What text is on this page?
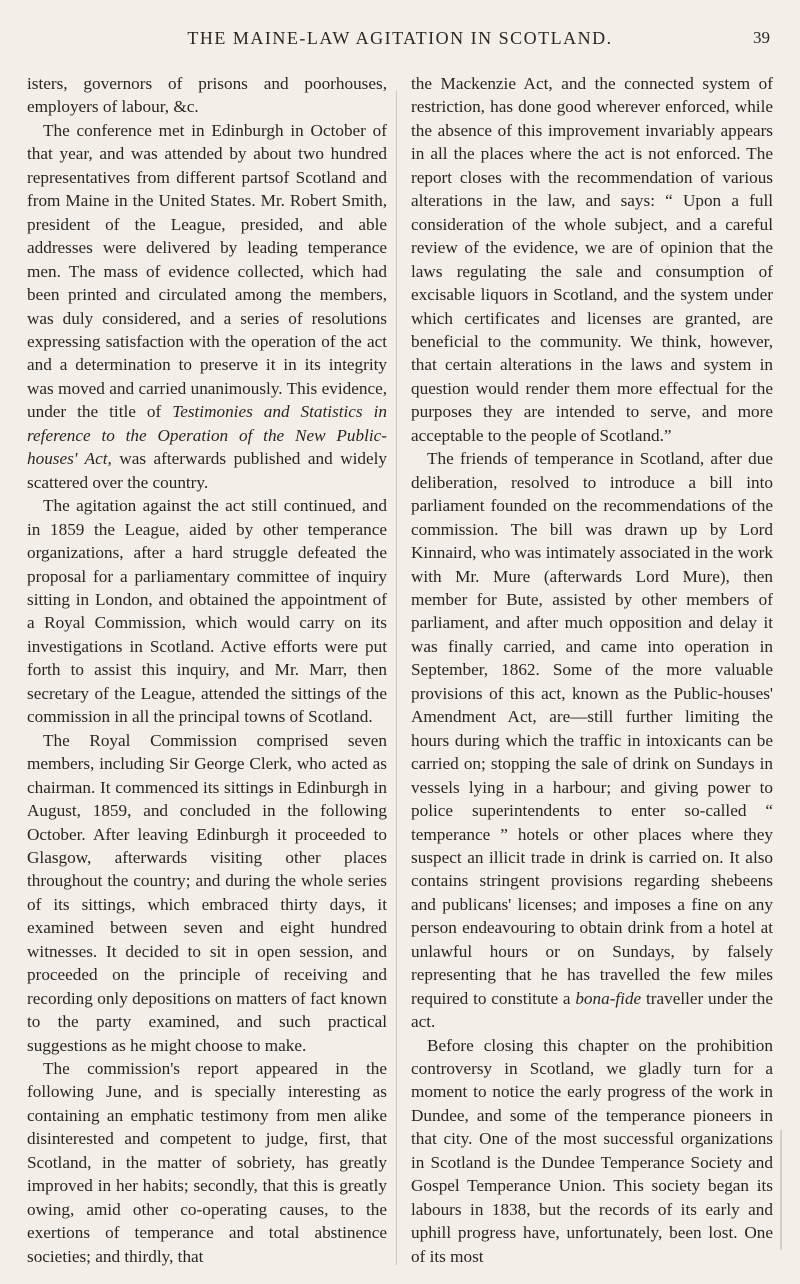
THE MAINE-LAW AGITATION IN SCOTLAND.	39

isters, governors of prisons and poorhouses, employers of labour, &c.

The conference met in Edinburgh in October of that year, and was attended by about two hundred representatives from different partsof Scotland and from Maine in the United States. Mr. Robert Smith, president of the League, presided, and able addresses were delivered by leading temperance men. The mass of evidence collected, which had been printed and circulated among the members, was duly considered, and a series of resolutions expressing satisfaction with the operation of the act and a determination to preserve it in its integrity was moved and carried unanimously. This evidence, under the title of Testimonies and Statistics in reference to the Operation of the New Public-houses' Act, was afterwards published and widely scattered over the country.

The agitation against the act still continued, and in 1859 the League, aided by other temperance organizations, after a hard struggle defeated the proposal for a parliamentary committee of inquiry sitting in London, and obtained the appointment of a Royal Commission, which would carry on its investigations in Scotland. Active efforts were put forth to assist this inquiry, and Mr. Marr, then secretary of the League, attended the sittings of the commission in all the principal towns of Scotland.

The Royal Commission comprised seven members, including Sir George Clerk, who acted as chairman. It commenced its sittings in Edinburgh in August, 1859, and concluded in the following October. After leaving Edinburgh it proceeded to Glasgow, afterwards visiting other places throughout the country; and during the whole series of its sittings, which embraced thirty days, it examined between seven and eight hundred witnesses. It decided to sit in open session, and proceeded on the principle of receiving and recording only depositions on matters of fact known to the party examined, and such practical suggestions as he might choose to make.

The commission's report appeared in the following June, and is specially interesting as containing an emphatic testimony from men alike disinterested and competent to judge, first, that Scotland, in the matter of sobriety, has greatly improved in her habits; secondly, that this is greatly owing, amid other co-operating causes, to the exertions of temperance and total abstinence societies; and thirdly, that

the Mackenzie Act, and the connected system of restriction, has done good wherever enforced, while the absence of this improvement invariably appears in all the places where the act is not enforced. The report closes with the recommendation of various alterations in the law, and says: “ Upon a full consideration of the whole subject, and a careful review of the evidence, we are of opinion that the laws regulating the sale and consumption of excisable liquors in Scotland, and the system under which certificates and licenses are granted, are beneficial to the community. We think, however, that certain alterations in the laws and system in question would render them more effectual for the purposes they are intended to serve, and more acceptable to the people of Scotland.”

The friends of temperance in Scotland, after due deliberation, resolved to introduce a bill into parliament founded on the recommendations of the commission. The bill was drawn up by Lord Kinnaird, who was intimately associated in the work with Mr. Mure (afterwards Lord Mure), then member for Bute, assisted by other members of parliament, and after much opposition and delay it was finally carried, and came into operation in September, 1862. Some of the more valuable provisions of this act, known as the Public-houses' Amendment Act, are—still further limiting the hours during which the traffic in intoxicants can be carried on; stopping the sale of drink on Sundays in vessels lying in a harbour; and giving power to police superintendents to enter so-called “ temperance ” hotels or other places where they suspect an illicit trade in drink is carried on. It also contains stringent provisions regarding shebeens and publicans' licenses; and imposes a fine on any person endeavouring to obtain drink from a hotel at unlawful hours or on Sundays, by falsely representing that he has travelled the few miles required to constitute a bona-fide traveller under the act.

Before closing this chapter on the prohibition controversy in Scotland, we gladly turn for a moment to notice the early progress of the work in Dundee, and some of the temperance pioneers in that city. One of the most successful organizations in Scotland is the Dundee Temperance Society and Gospel Temperance Union. This society began its labours in 1838, but the records of its early and uphill progress have, unfortunately, been lost. One of its most
